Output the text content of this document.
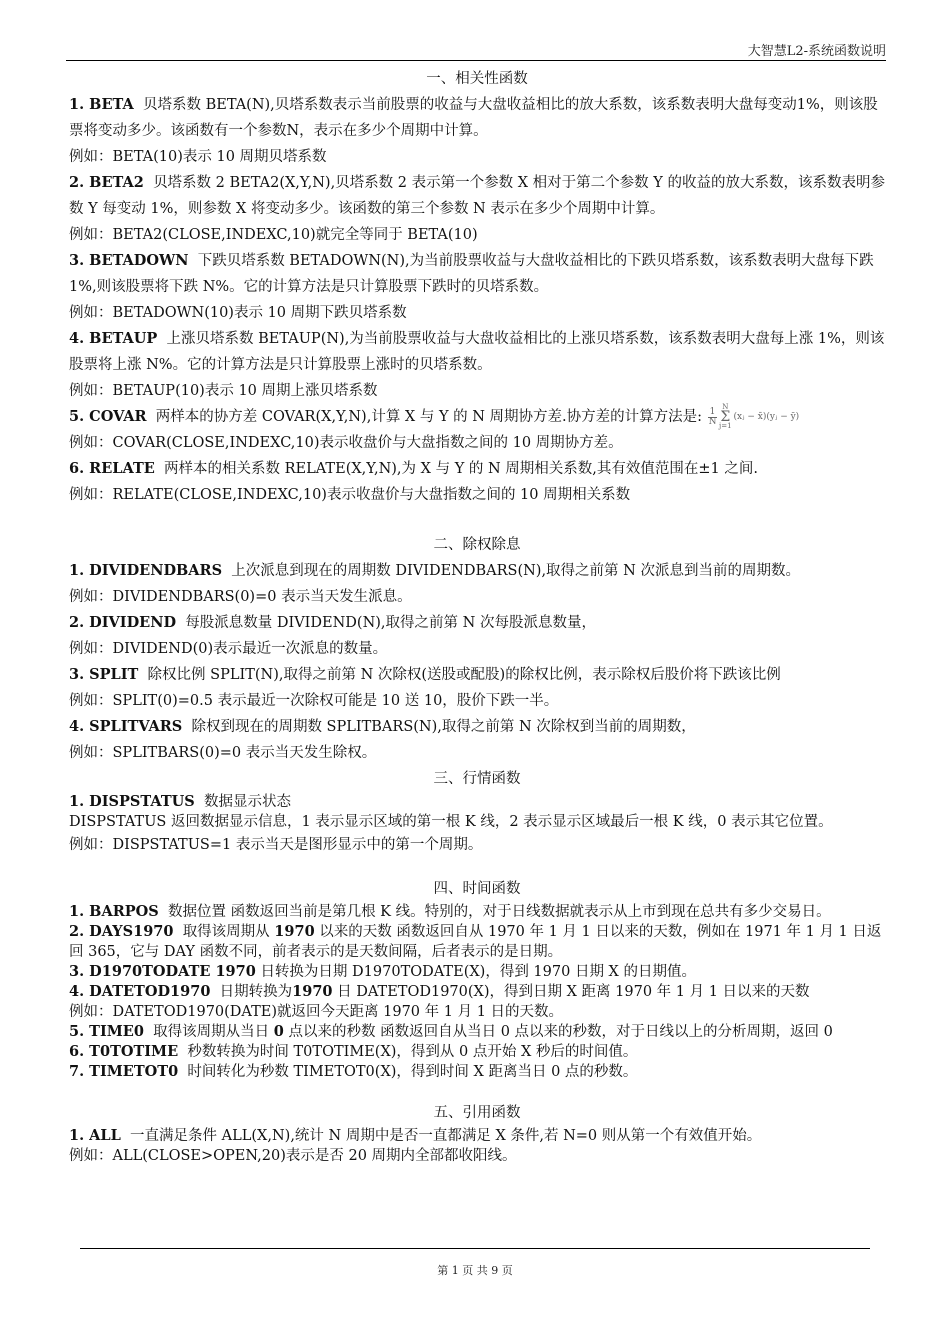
大智慧L2-系统函数说明
一、相关性函数
1. BETA 贝塔系数 BETA(N),贝塔系数表示当前股票的收益与大盘收益相比的放大系数，该系数表明大盘每变动1%，则该股票将变动多少。该函数有一个参数N，表示在多少个周期中计算。
例如：BETA(10)表示 10 周期贝塔系数
2. BETA2 贝塔系数 2 BETA2(X,Y,N),贝塔系数 2 表示第一个参数 X 相对于第二个参数 Y 的收益的放大系数，该系数表明参数 Y 每变动 1%，则参数 X 将变动多少。该函数的第三个参数 N 表示在多少个周期中计算。
例如：BETA2(CLOSE,INDEXC,10)就完全等同于 BETA(10)
3. BETADOWN 下跌贝塔系数 BETADOWN(N),为当前股票收益与大盘收益相比的下跌贝塔系数，该系数表明大盘每下跌 1%,则该股票将下跌 N%。它的计算方法是只计算股票下跌时的贝塔系数。
例如：BETADOWN(10)表示 10 周期下跌贝塔系数
4. BETAUP 上涨贝塔系数 BETAUP(N),为当前股票收益与大盘收益相比的上涨贝塔系数，该系数表明大盘每上涨 1%，则该股票将上涨 N%。它的计算方法是只计算股票上涨时的贝塔系数。
例如：BETAUP(10)表示 10 周期上涨贝塔系数
5. COVAR 两样本的协方差 COVAR(X,Y,N),计算 X 与 Y 的 N 周期协方差.协方差的计算方法是: $\frac{1}{N}$
N
Σ
j=1
(xⱼ − x̄)(yⱼ − ȳ)
例如：COVAR(CLOSE,INDEXC,10)表示收盘价与大盘指数之间的 10 周期协方差。
6. RELATE 两样本的相关系数 RELATE(X,Y,N),为 X 与 Y 的 N 周期相关系数,其有效值范围在±1 之间.
例如：RELATE(CLOSE,INDEXC,10)表示收盘价与大盘指数之间的 10 周期相关系数
二、除权除息
1. DIVIDENDBARS 上次派息到现在的周期数 DIVIDENDBARS(N),取得之前第 N 次派息到当前的周期数。
例如：DIVIDENDBARS(0)=0 表示当天发生派息。
2. DIVIDEND 每股派息数量 DIVIDEND(N),取得之前第 N 次每股派息数量，
例如：DIVIDEND(0)表示最近一次派息的数量。
3. SPLIT 除权比例 SPLIT(N),取得之前第 N 次除权(送股或配股)的除权比例，表示除权后股价将下跌该比例
例如：SPLIT(0)=0.5 表示最近一次除权可能是 10 送 10，股价下跌一半。
4. SPLITVARS 除权到现在的周期数 SPLITBARS(N),取得之前第 N 次除权到当前的周期数，
例如：SPLITBARS(0)=0 表示当天发生除权。
三、行情函数
1. DISPSTATUS 数据显示状态
DISPSTATUS 返回数据显示信息，1 表示显示区域的第一根 K 线，2 表示显示区域最后一根 K 线，0 表示其它位置。
例如：DISPSTATUS=1 表示当天是图形显示中的第一个周期。
四、时间函数
1. BARPOS 数据位置 函数返回当前是第几根 K 线。特别的，对于日线数据就表示从上市到现在总共有多少交易日。
2. DAYS1970 取得该周期从 1970 以来的天数 函数返回自从 1970 年 1 月 1 日以来的天数，例如在 1971 年 1 月 1 日返回 365，它与 DAY 函数不同，前者表示的是天数间隔，后者表示的是日期。
3. D1970TODATE 1970 日转换为日期 D1970TODATE(X)，得到 1970 日期 X 的日期值。
4. DATETOD1970 日期转换为1970 日 DATETOD1970(X)，得到日期 X 距离 1970 年 1 月 1 日以来的天数
例如：DATETOD1970(DATE)就返回今天距离 1970 年 1 月 1 日的天数。
5. TIME0 取得该周期从当日 0 点以来的秒数 函数返回自从当日 0 点以来的秒数，对于日线以上的分析周期，返回 0
6. T0TOTIME 秒数转换为时间 T0TOTIME(X)，得到从 0 点开始 X 秒后的时间值。
7. TIMETOT0 时间转化为秒数 TIMETOT0(X)，得到时间 X 距离当日 0 点的秒数。
五、引用函数
1. ALL 一直满足条件 ALL(X,N),统计 N 周期中是否一直都满足 X 条件,若 N=0 则从第一个有效值开始。
例如：ALL(CLOSE>OPEN,20)表示是否 20 周期内全部都收阳线。
第 1 页 共 9 页
